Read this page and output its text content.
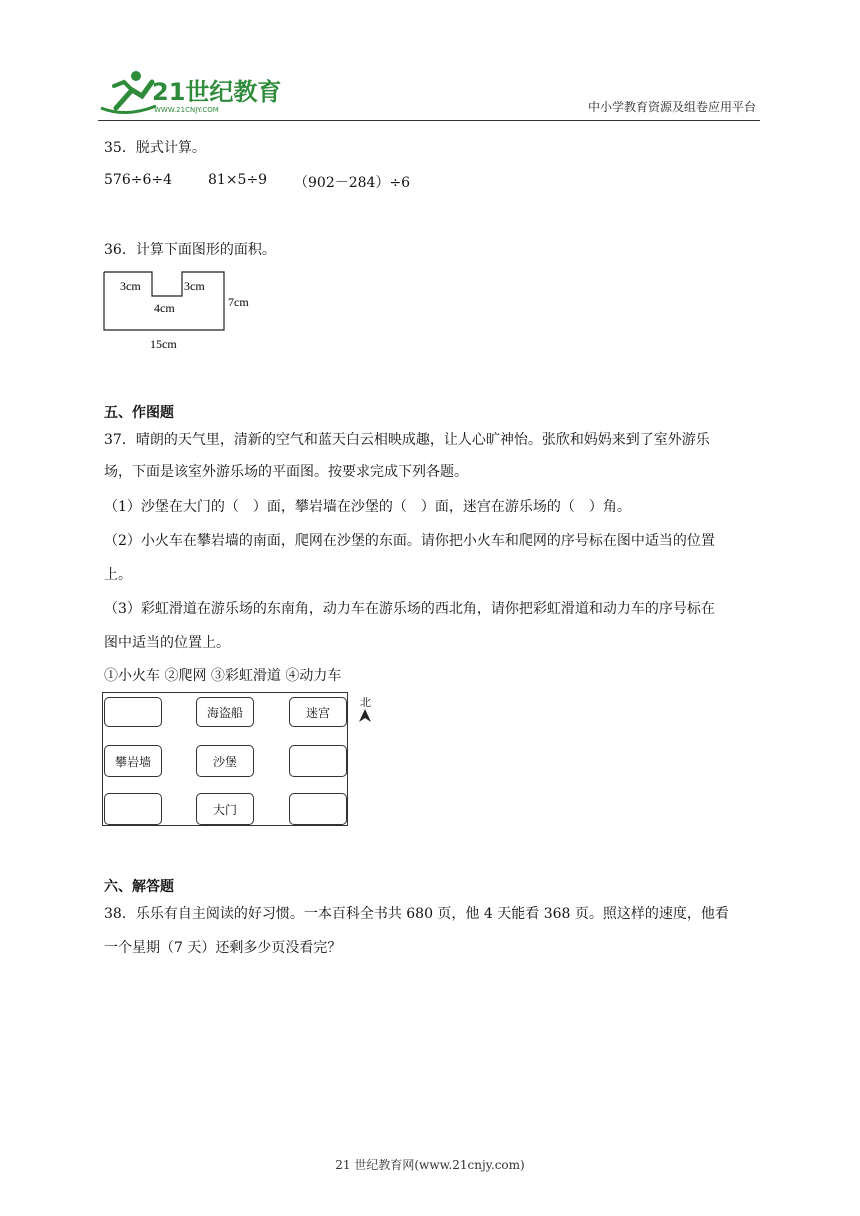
21世纪教育
WWW.21CNJY.COM	中小学教育资源及组卷应用平台
35．脱式计算。
576÷6÷4	81×5÷9 （902－284）÷6
36．计算下面图形的面积。
3cm	3cm
4cm	7cm
15cm
五、作图题
37．晴朗的天气里，清新的空气和蓝天白云相映成趣，让人心旷神怡。张欣和妈妈来到了室外游乐
场，下面是该室外游乐场的平面图。按要求完成下列各题。
（1）沙堡在大门的（　）面，攀岩墙在沙堡的（　）面，迷宫在游乐场的（　）角。
（2）小火车在攀岩墙的南面，爬网在沙堡的东面。请你把小火车和爬网的序号标在图中适当的位置
上。
（3）彩虹滑道在游乐场的东南角，动力车在游乐场的西北角，请你把彩虹滑道和动力车的序号标在
图中适当的位置上。
①小火车 ②爬网 ③彩虹滑道 ④动力车
海盗船	迷宫
攀岩墙	沙堡
大门
北
六、解答题
38．乐乐有自主阅读的好习惯。一本百科全书共 680 页，他 4 天能看 368 页。照这样的速度，他看
一个星期（7 天）还剩多少页没看完？
21 世纪教育网(www.21cnjy.com)
